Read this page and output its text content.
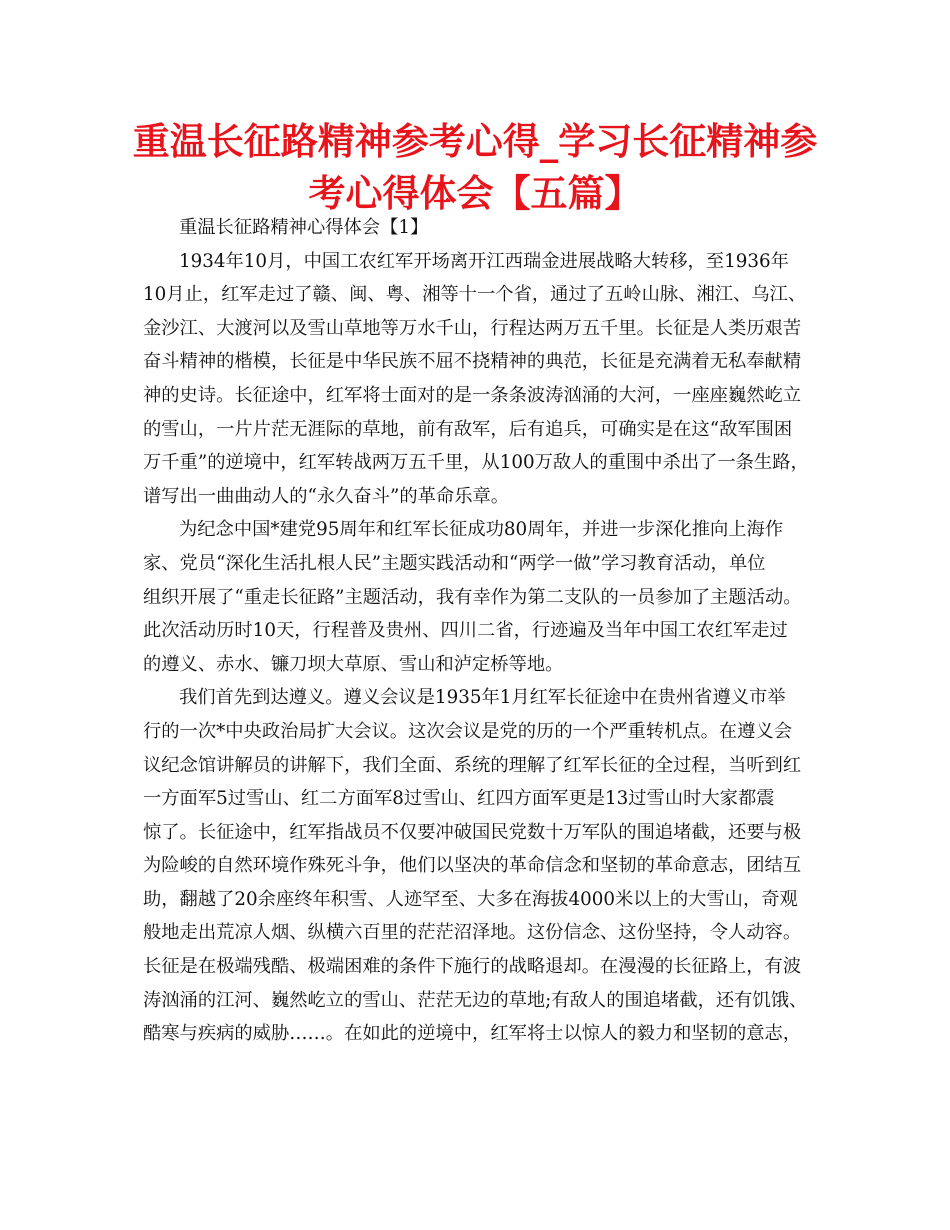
重温长征路精神参考心得_学习长征精神参
考心得体会【五篇】
重温长征路精神心得体会【1】
1934年10月，中国工农红军开场离开江西瑞金进展战略大转移，至1936年
10月止，红军走过了赣、闽、粤、湘等十一个省，通过了五岭山脉、湘江、乌江、
金沙江、大渡河以及雪山草地等万水千山，行程达两万五千里。长征是人类历艰苦
奋斗精神的楷模，长征是中华民族不屈不挠精神的典范，长征是充满着无私奉献精
神的史诗。长征途中，红军将士面对的是一条条波涛汹涌的大河，一座座巍然屹立
的雪山，一片片茫无涯际的草地，前有敌军，后有追兵，可确实是在这“敌军围困
万千重”的逆境中，红军转战两万五千里，从100万敌人的重围中杀出了一条生路，
谱写出一曲曲动人的“永久奋斗”的革命乐章。
为纪念中国*建党95周年和红军长征成功80周年，并进一步深化推向上海作
家、党员“深化生活扎根人民”主题实践活动和“两学一做”学习教育活动，单位
组织开展了“重走长征路”主题活动，我有幸作为第二支队的一员参加了主题活动。
此次活动历时10天，行程普及贵州、四川二省，行迹遍及当年中国工农红军走过
的遵义、赤水、镰刀坝大草原、雪山和泸定桥等地。
我们首先到达遵义。遵义会议是1935年1月红军长征途中在贵州省遵义市举
行的一次*中央政治局扩大会议。这次会议是党的历的一个严重转机点。在遵义会
议纪念馆讲解员的讲解下，我们全面、系统的理解了红军长征的全过程，当听到红
一方面军5过雪山、红二方面军8过雪山、红四方面军更是13过雪山时大家都震
惊了。长征途中，红军指战员不仅要冲破国民党数十万军队的围追堵截，还要与极
为险峻的自然环境作殊死斗争，他们以坚决的革命信念和坚韧的革命意志，团结互
助，翻越了20余座终年积雪、人迹罕至、大多在海拔4000米以上的大雪山，奇观
般地走出荒凉人烟、纵横六百里的茫茫沼泽地。这份信念、这份坚持，令人动容。
长征是在极端残酷、极端困难的条件下施行的战略退却。在漫漫的长征路上，有波
涛汹涌的江河、巍然屹立的雪山、茫茫无边的草地;有敌人的围追堵截，还有饥饿、
酷寒与疾病的威胁……。在如此的逆境中，红军将士以惊人的毅力和坚韧的意志，
